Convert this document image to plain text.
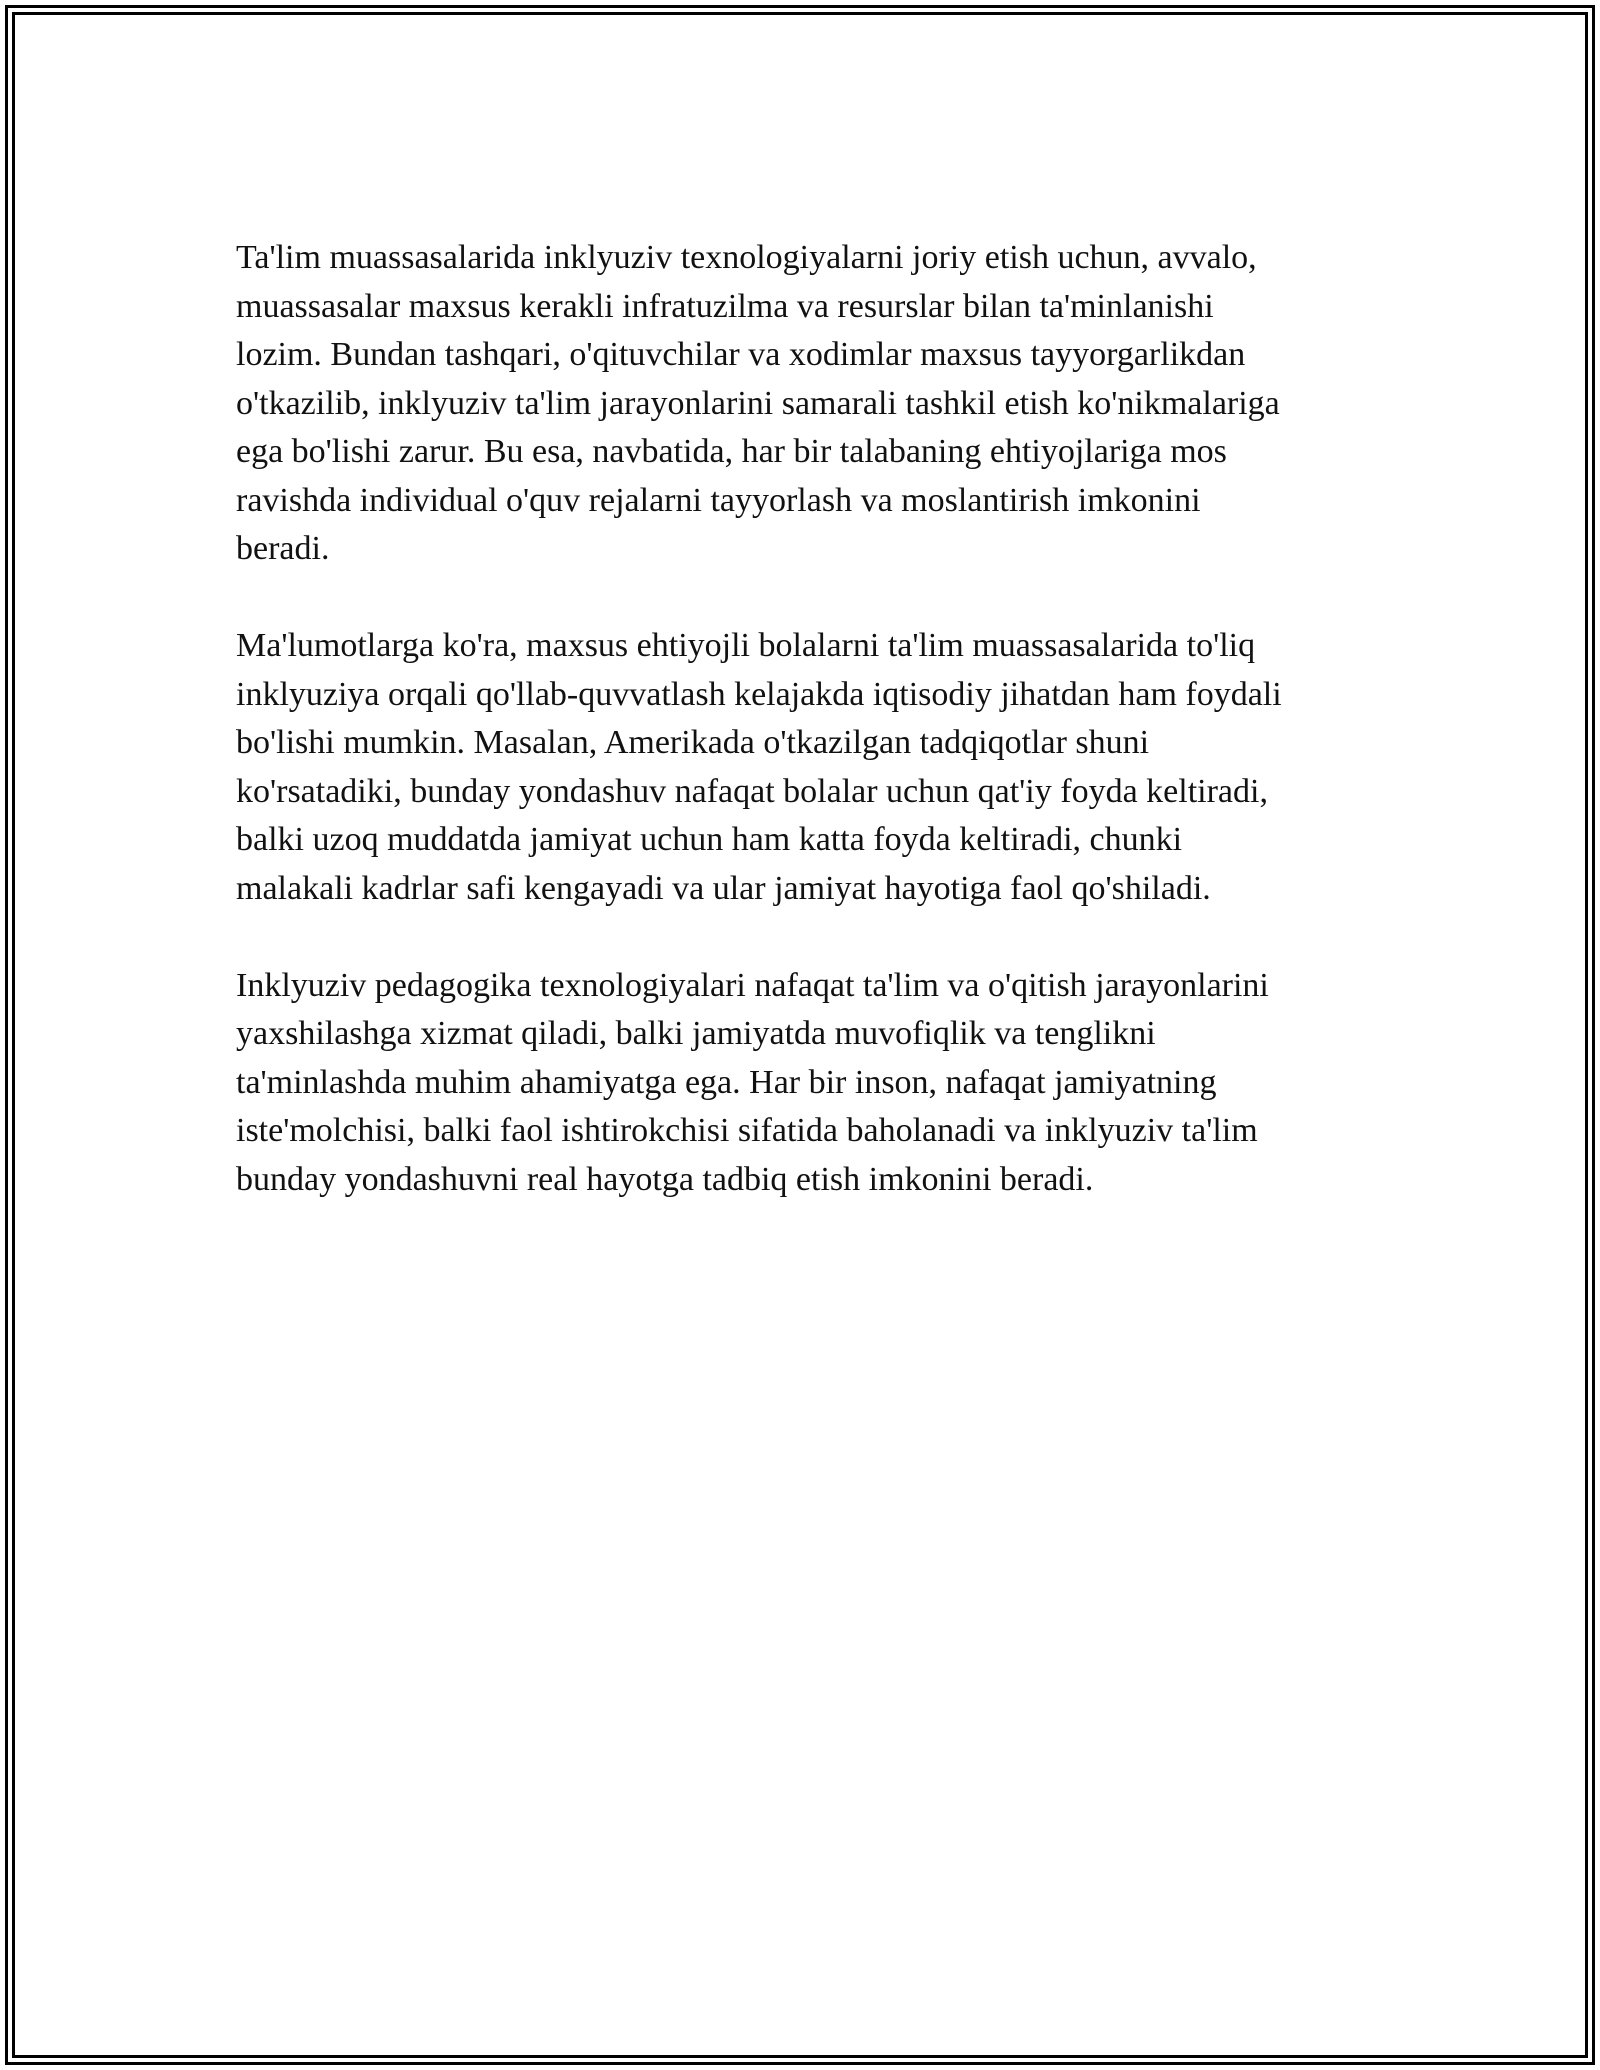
Ta'lim muassasalarida inklyuziv texnologiyalarni joriy etish uchun, avvalo,
muassasalar maxsus kerakli infratuzilma va resurslar bilan ta'minlanishi
lozim. Bundan tashqari, o'qituvchilar va xodimlar maxsus tayyorgarlikdan
o'tkazilib, inklyuziv ta'lim jarayonlarini samarali tashkil etish ko'nikmalariga
ega bo'lishi zarur. Bu esa, navbatida, har bir talabaning ehtiyojlariga mos
ravishda individual o'quv rejalarni tayyorlash va moslantirish imkonini
beradi.

Ma'lumotlarga ko'ra, maxsus ehtiyojli bolalarni ta'lim muassasalarida to'liq
inklyuziya orqali qo'llab-quvvatlash kelajakda iqtisodiy jihatdan ham foydali
bo'lishi mumkin. Masalan, Amerikada o'tkazilgan tadqiqotlar shuni
ko'rsatadiki, bunday yondashuv nafaqat bolalar uchun qat'iy foyda keltiradi,
balki uzoq muddatda jamiyat uchun ham katta foyda keltiradi, chunki
malakali kadrlar safi kengayadi va ular jamiyat hayotiga faol qo'shiladi.

Inklyuziv pedagogika texnologiyalari nafaqat ta'lim va o'qitish jarayonlarini
yaxshilashga xizmat qiladi, balki jamiyatda muvofiqlik va tenglikni
ta'minlashda muhim ahamiyatga ega. Har bir inson, nafaqat jamiyatning
iste'molchisi, balki faol ishtirokchisi sifatida baholanadi va inklyuziv ta'lim
bunday yondashuvni real hayotga tadbiq etish imkonini beradi.
